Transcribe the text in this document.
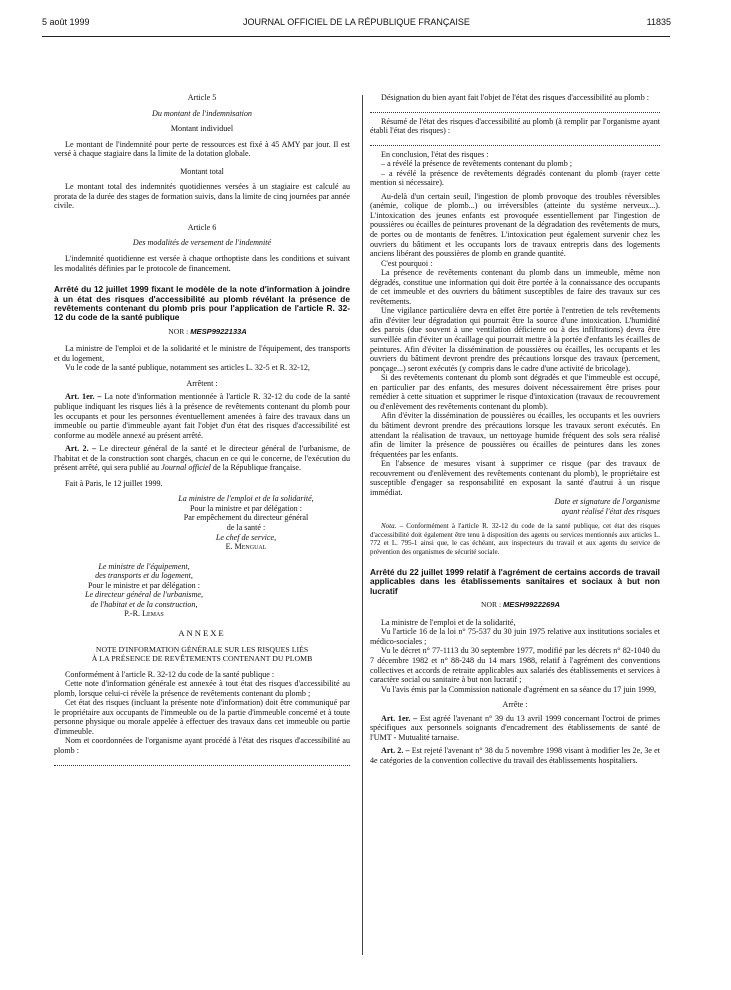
5 août 1999	JOURNAL OFFICIEL DE LA RÉPUBLIQUE FRANÇAISE	11835

Article 5

Du montant de l'indemnisation

Montant individuel

Le montant de l'indemnité pour perte de ressources est fixé à 45 AMY par jour. Il est versé à chaque stagiaire dans la limite de la dotation globale.

Montant total

Le montant total des indemnités quotidiennes versées à un stagiaire est calculé au prorata de la durée des stages de formation suivis, dans la limite de cinq journées par année civile.

Article 6

Des modalités de versement de l'indemnité

L'indemnité quotidienne est versée à chaque orthoptiste dans les conditions et suivant les modalités définies par le protocole de financement.

Arrêté du 12 juillet 1999 fixant le modèle de la note d'information à joindre à un état des risques d'accessibilité au plomb révélant la présence de revêtements contenant du plomb pris pour l'application de l'article R. 32-12 du code de la santé publique

NOR : MESP9922133A

La ministre de l'emploi et de la solidarité et le ministre de l'équipement, des transports et du logement,

Vu le code de la santé publique, notamment ses articles L. 32-5 et R. 32-12,

Arrêtent :

Art. 1er. – La note d'information mentionnée à l'article R. 32-12 du code de la santé publique indiquant les risques liés à la présence de revêtements contenant du plomb pour les occupants et pour les personnes éventuellement amenées à faire des travaux dans un immeuble ou partie d'immeuble ayant fait l'objet d'un état des risques d'accessibilité est conforme au modèle annexé au présent arrêté.

Art. 2. – Le directeur général de la santé et le directeur général de l'urbanisme, de l'habitat et de la construction sont chargés, chacun en ce qui le concerne, de l'exécution du présent arrêté, qui sera publié au Journal officiel de la République française.

Fait à Paris, le 12 juillet 1999.

La ministre de l'emploi et de la solidarité,

Pour la ministre et par délégation :

Par empêchement du directeur général

de la santé :

Le chef de service,

E. Mengual

Le ministre de l'équipement,

des transports et du logement,

Pour le ministre et par délégation :

Le directeur général de l'urbanisme,

de l'habitat et de la construction,

P.-R. Lemas

ANNEXE

NOTE D'INFORMATION GÉNÉRALE SUR LES RISQUES LIÉS

À LA PRÉSENCE DE REVÊTEMENTS CONTENANT DU PLOMB

Conformément à l'article R. 32-12 du code de la santé publique :

Cette note d'information générale est annexée à tout état des risques d'accessibilité au plomb, lorsque celui-ci révèle la présence de revêtements contenant du plomb ;

Cet état des risques (incluant la présente note d'information) doit être communiqué par le propriétaire aux occupants de l'immeuble ou de la partie d'immeuble concerné et à toute personne physique ou morale appelée à effectuer des travaux dans cet immeuble ou partie d'immeuble.

Nom et coordonnées de l'organisme ayant procédé à l'état des risques d'accessibilité au plomb :

Désignation du bien ayant fait l'objet de l'état des risques d'accessibilité au plomb :

Résumé de l'état des risques d'accessibilité au plomb (à remplir par l'organisme ayant établi l'état des risques) :

En conclusion, l'état des risques :

– a révélé la présence de revêtements contenant du plomb ;

– a révélé la présence de revêtements dégradés contenant du plomb (rayer cette mention si nécessaire).

Au-delà d'un certain seuil, l'ingestion de plomb provoque des troubles réversibles (anémie, colique de plomb...) ou irréversibles (atteinte du système nerveux...). L'intoxication des jeunes enfants est provoquée essentiellement par l'ingestion de poussières ou écailles de peintures provenant de la dégradation des revêtements de murs, de portes ou de montants de fenêtres. L'intoxication peut également survenir chez les ouvriers du bâtiment et les occupants lors de travaux entrepris dans des logements anciens libérant des poussières de plomb en grande quantité.

C'est pourquoi :

La présence de revêtements contenant du plomb dans un immeuble, même non dégradés, constitue une information qui doit être portée à la connaissance des occupants de cet immeuble et des ouvriers du bâtiment susceptibles de faire des travaux sur ces revêtements.

Une vigilance particulière devra en effet être portée à l'entretien de tels revêtements afin d'éviter leur dégradation qui pourrait être la source d'une intoxication. L'humidité des parois (due souvent à une ventilation déficiente ou à des infiltrations) devra être surveillée afin d'éviter un écaillage qui pourrait mettre à la portée d'enfants les écailles de peintures. Afin d'éviter la dissémination de poussières ou écailles, les occupants et les ouvriers du bâtiment devront prendre des précautions lorsque des travaux (percement, ponçage...) seront exécutés (y compris dans le cadre d'une activité de bricolage).

Si des revêtements contenant du plomb sont dégradés et que l'immeuble est occupé, en particulier par des enfants, des mesures doivent nécessairement être prises pour remédier à cette situation et supprimer le risque d'intoxication (travaux de recouvrement ou d'enlèvement des revêtements contenant du plomb).

Afin d'éviter la dissémination de poussières ou écailles, les occupants et les ouvriers du bâtiment devront prendre des précautions lorsque les travaux seront exécutés. En attendant la réalisation de travaux, un nettoyage humide fréquent des sols sera réalisé afin de limiter la présence de poussières ou écailles de peintures dans les zones fréquentées par les enfants.

En l'absence de mesures visant à supprimer ce risque (par des travaux de recouvrement ou d'enlèvement des revêtements contenant du plomb), le propriétaire est susceptible d'engager sa responsabilité en exposant la santé d'autrui à un risque immédiat.

Date et signature de l'organisme

ayant réalisé l'état des risques

Nota. – Conformément à l'article R. 32-12 du code de la santé publique, cet état des risques d'accessibilité doit également être tenu à disposition des agents ou services mentionnés aux articles L. 772 et L. 795-1 ainsi que, le cas échéant, aux inspecteurs du travail et aux agents du service de prévention des organismes de sécurité sociale.

Arrêté du 22 juillet 1999 relatif à l'agrément de certains accords de travail applicables dans les établissements sanitaires et sociaux à but non lucratif

NOR : MESH9922269A

La ministre de l'emploi et de la solidarité,

Vu l'article 16 de la loi n° 75-537 du 30 juin 1975 relative aux institutions sociales et médico-sociales ;

Vu le décret n° 77-1113 du 30 septembre 1977, modifié par les décrets n° 82-1040 du 7 décembre 1982 et n° 88-248 du 14 mars 1988, relatif à l'agrément des conventions collectives et accords de retraite applicables aux salariés des établissements et services à caractère social ou sanitaire à but non lucratif ;

Vu l'avis émis par la Commission nationale d'agrément en sa séance du 17 juin 1999,

Arrête :

Art. 1er. – Est agréé l'avenant n° 39 du 13 avril 1999 concernant l'octroi de primes spécifiques aux personnels soignants d'encadrement des établissements de santé de l'UMT - Mutualité tarnaise.

Art. 2. – Est rejeté l'avenant n° 38 du 5 novembre 1998 visant à modifier les 2e, 3e et 4e catégories de la convention collective du travail des établissements hospitaliers.
